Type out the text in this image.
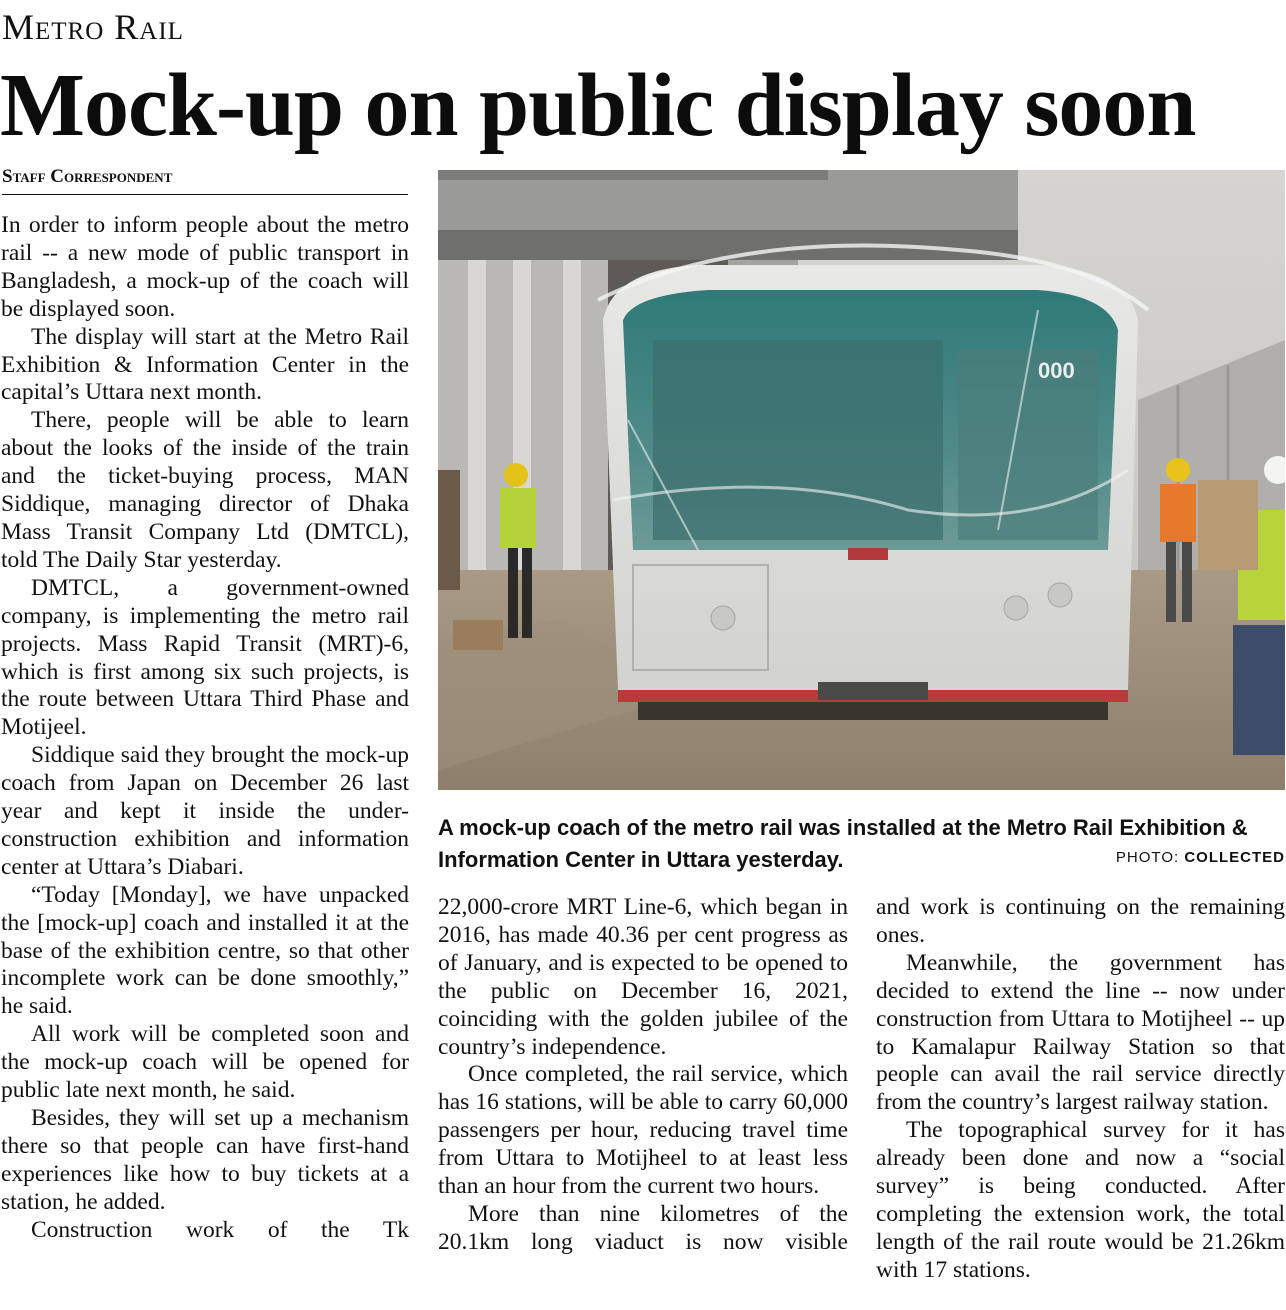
Metro Rail
Mock-up on public display soon
Staff Correspondent

In order to inform people about the metro rail -- a new mode of public transport in Bangladesh, a mock-up of the coach will be displayed soon.

The display will start at the Metro Rail Exhibition & Information Center in the capital’s Uttara next month.

There, people will be able to learn about the looks of the inside of the train and the ticket-buying process, MAN Siddique, managing director of Dhaka Mass Transit Company Ltd (DMTCL), told The Daily Star yesterday.

DMTCL, a government-owned company, is implementing the metro rail projects. Mass Rapid Transit (MRT)-6, which is first among six such projects, is the route between Uttara Third Phase and Motijeel.

Siddique said they brought the mock-up coach from Japan on December 26 last year and kept it inside the under-construction exhibition and information center at Uttara’s Diabari.

“Today [Monday], we have unpacked the [mock-up] coach and installed it at the base of the exhibition centre, so that other incomplete work can be done smoothly,” he said.

All work will be completed soon and the mock-up coach will be opened for public late next month, he said.

Besides, they will set up a mechanism there so that people can have first-hand experiences like how to buy tickets at a station, he added.

Construction work of the Tk

000
A mock-up coach of the metro rail was installed at the Metro Rail Exhibition & Information Center in Uttara yesterday.	PHOTO: COLLECTED

22,000-crore MRT Line-6, which began in 2016, has made 40.36 per cent progress as of January, and is expected to be opened to the public on December 16, 2021, coinciding with the golden jubilee of the country’s independence.

Once completed, the rail service, which has 16 stations, will be able to carry 60,000 passengers per hour, reducing travel time from Uttara to Motijheel to at least less than an hour from the current two hours.

More than nine kilometres of the 20.1km long viaduct is now visible

and work is continuing on the remaining ones.

Meanwhile, the government has decided to extend the line -- now under construction from Uttara to Motijheel -- up to Kamalapur Railway Station so that people can avail the rail service directly from the country’s largest railway station.

The topographical survey for it has already been done and now a “social survey” is being conducted. After completing the extension work, the total length of the rail route would be 21.26km with 17 stations.
